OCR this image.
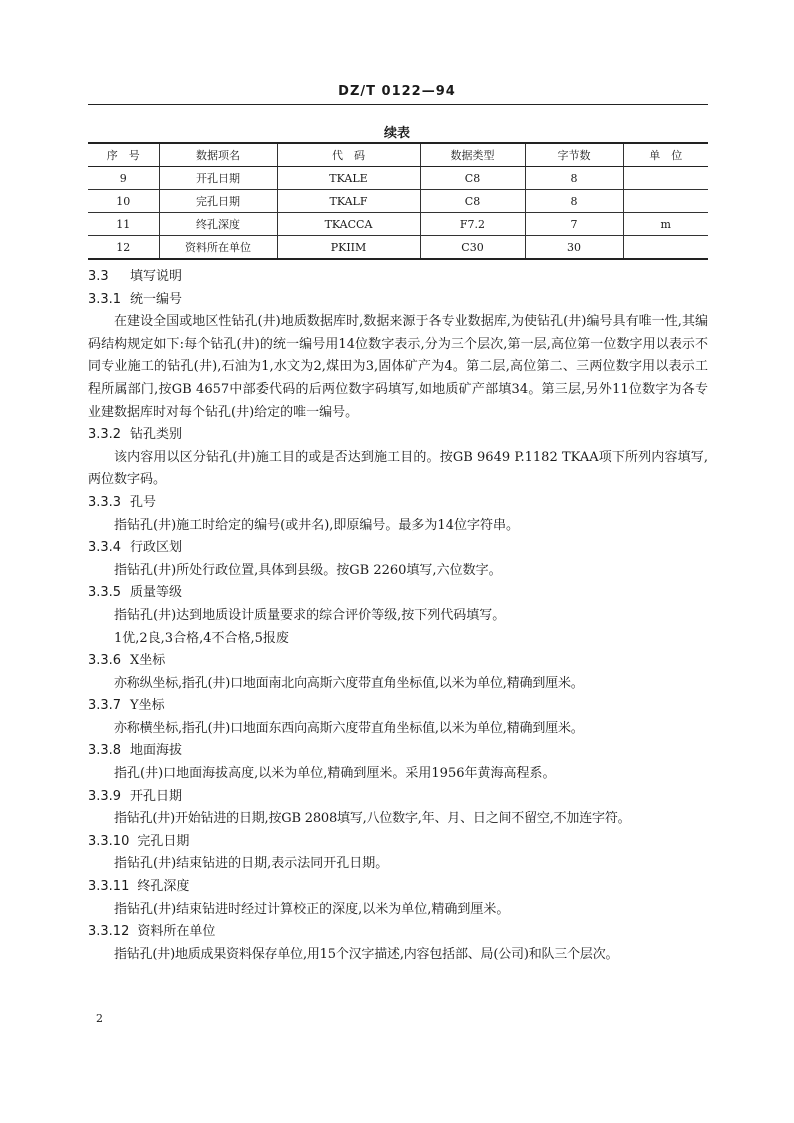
DZ/T 0122—94
续表
序　号	数据项名	代　码	数据类型	字节数	单　位
9	开孔日期	TKALE	C8	8	
10	完孔日期	TKALF	C8	8	
11	终孔深度	TKACCA	F7.2	7	m
12	资料所在单位	PKIIM	C30	30	

3.3 填写说明

3.3.1 统一编号

在建设全国或地区性钻孔(井)地质数据库时,数据来源于各专业数据库,为使钻孔(井)编号具有唯一性,其编码结构规定如下:每个钻孔(井)的统一编号用14位数字表示,分为三个层次,第一层,高位第一位数字用以表示不同专业施工的钻孔(井),石油为1,水文为2,煤田为3,固体矿产为4。第二层,高位第二、三两位数字用以表示工程所属部门,按GB 4657中部委代码的后两位数字码填写,如地质矿产部填34。第三层,另外11位数字为各专业建数据库时对每个钻孔(井)给定的唯一编号。

3.3.2 钻孔类别

该内容用以区分钻孔(井)施工目的或是否达到施工目的。按GB 9649 P.1182 TKAA项下所列内容填写,两位数字码。

3.3.3 孔号

指钻孔(井)施工时给定的编号(或井名),即原编号。最多为14位字符串。

3.3.4 行政区划

指钻孔(井)所处行政位置,具体到县级。按GB 2260填写,六位数字。

3.3.5 质量等级

指钻孔(井)达到地质设计质量要求的综合评价等级,按下列代码填写。

1优,2良,3合格,4不合格,5报废

3.3.6 X坐标

亦称纵坐标,指孔(井)口地面南北向高斯六度带直角坐标值,以米为单位,精确到厘米。

3.3.7 Y坐标

亦称横坐标,指孔(井)口地面东西向高斯六度带直角坐标值,以米为单位,精确到厘米。

3.3.8 地面海拔

指孔(井)口地面海拔高度,以米为单位,精确到厘米。采用1956年黄海高程系。

3.3.9 开孔日期

指钻孔(井)开始钻进的日期,按GB 2808填写,八位数字,年、月、日之间不留空,不加连字符。

3.3.10 完孔日期

指钻孔(井)结束钻进的日期,表示法同开孔日期。

3.3.11 终孔深度

指钻孔(井)结束钻进时经过计算校正的深度,以米为单位,精确到厘米。

3.3.12 资料所在单位

指钻孔(井)地质成果资料保存单位,用15个汉字描述,内容包括部、局(公司)和队三个层次。

2
